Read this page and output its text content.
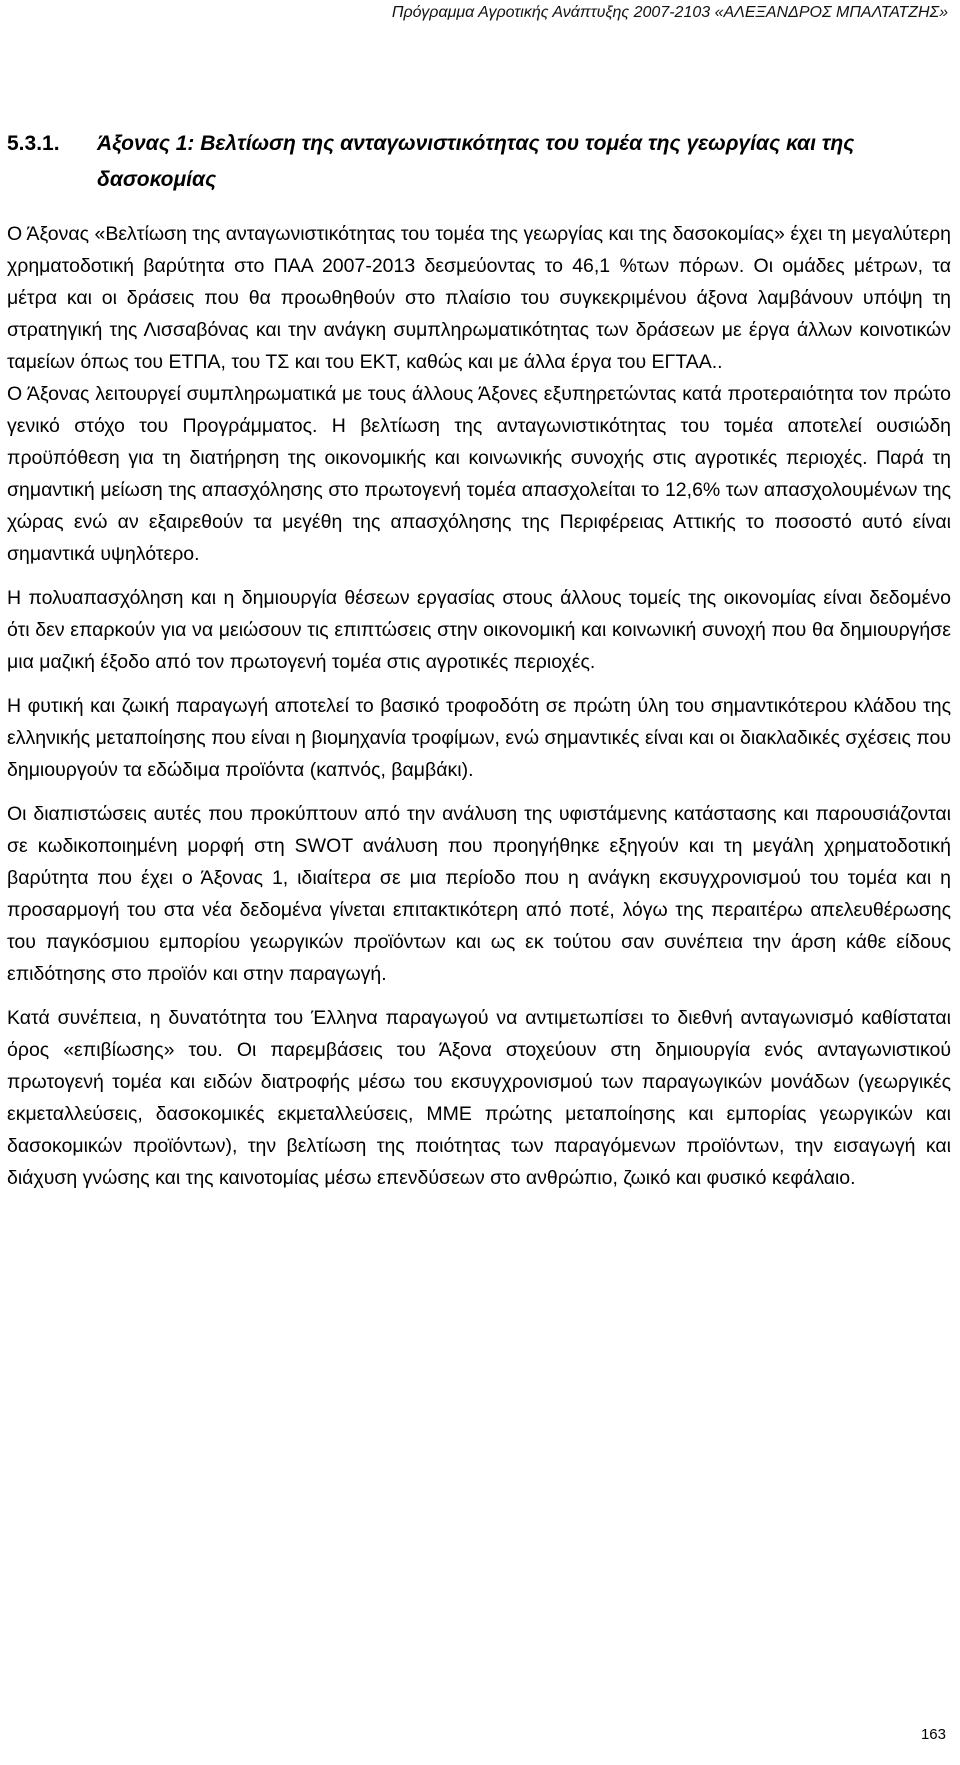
Πρόγραμμα Αγροτικής Ανάπτυξης 2007-2103 «ΑΛΕΞΑΝΔΡΟΣ ΜΠΑΛΤΑΤΖΗΣ»
5.3.1.	Άξονας 1: Βελτίωση της ανταγωνιστικότητας του τομέα της γεωργίας και της δασοκομίας

Ο Άξονας «Βελτίωση της ανταγωνιστικότητας του τομέα της γεωργίας και της δασοκομίας» έχει τη μεγαλύτερη χρηματοδοτική βαρύτητα στο ΠΑΑ 2007-2013 δεσμεύοντας το 46,1 %των πόρων. Οι ομάδες μέτρων, τα μέτρα και οι δράσεις που θα προωθηθούν στο πλαίσιο του συγκεκριμένου άξονα λαμβάνουν υπόψη τη στρατηγική της Λισσαβόνας και την ανάγκη συμπληρωματικότητας των δράσεων με έργα άλλων κοινοτικών ταμείων όπως του ΕΤΠΑ, του ΤΣ και του ΕΚΤ, καθώς και με άλλα έργα του ΕΓΤΑΑ..

Ο Άξονας λειτουργεί συμπληρωματικά με τους άλλους Άξονες εξυπηρετώντας κατά προτεραιότητα τον πρώτο γενικό στόχο του Προγράμματος. Η βελτίωση της ανταγωνιστικότητας του τομέα αποτελεί ουσιώδη προϋπόθεση για τη διατήρηση της οικονομικής και κοινωνικής συνοχής στις αγροτικές περιοχές. Παρά τη σημαντική μείωση της απασχόλησης στο πρωτογενή τομέα απασχολείται το 12,6% των απασχολουμένων της χώρας ενώ αν εξαιρεθούν τα μεγέθη της απασχόλησης της Περιφέρειας Αττικής το ποσοστό αυτό είναι σημαντικά υψηλότερο.

Η πολυαπασχόληση και η δημιουργία θέσεων εργασίας στους άλλους τομείς της οικονομίας είναι δεδομένο ότι δεν επαρκούν για να μειώσουν τις επιπτώσεις στην οικονομική και κοινωνική συνοχή που θα δημιουργήσε μια μαζική έξοδο από τον πρωτογενή τομέα στις αγροτικές περιοχές.

Η φυτική και ζωική παραγωγή αποτελεί το βασικό τροφοδότη σε πρώτη ύλη του σημαντικότερου κλάδου της ελληνικής μεταποίησης που είναι η βιομηχανία τροφίμων, ενώ σημαντικές είναι και οι διακλαδικές σχέσεις που δημιουργούν τα εδώδιμα προϊόντα (καπνός, βαμβάκι).

Οι διαπιστώσεις αυτές που προκύπτουν από την ανάλυση της υφιστάμενης κατάστασης και παρουσιάζονται σε κωδικοποιημένη μορφή στη SWOT ανάλυση που προηγήθηκε εξηγούν και τη μεγάλη χρηματοδοτική βαρύτητα που έχει ο Άξονας 1, ιδιαίτερα σε μια περίοδο που η ανάγκη εκσυγχρονισμού του τομέα και η προσαρμογή του στα νέα δεδομένα γίνεται επιτακτικότερη από ποτέ, λόγω της περαιτέρω απελευθέρωσης του παγκόσμιου εμπορίου γεωργικών προϊόντων και ως εκ τούτου σαν συνέπεια την άρση κάθε είδους επιδότησης στο προϊόν και στην παραγωγή.

Κατά συνέπεια, η δυνατότητα του Έλληνα παραγωγού να αντιμετωπίσει το διεθνή ανταγωνισμό καθίσταται όρος «επιβίωσης» του. Οι παρεμβάσεις του Άξονα στοχεύουν στη δημιουργία ενός ανταγωνιστικού πρωτογενή τομέα και ειδών διατροφής μέσω του εκσυγχρονισμού των παραγωγικών μονάδων (γεωργικές εκμεταλλεύσεις, δασοκομικές εκμεταλλεύσεις, ΜΜΕ πρώτης μεταποίησης και εμπορίας γεωργικών και δασοκομικών προϊόντων), την βελτίωση της ποιότητας των παραγόμενων προϊόντων, την εισαγωγή και διάχυση γνώσης και της καινοτομίας μέσω επενδύσεων στο ανθρώπιο, ζωικό και φυσικό κεφάλαιο.

163
